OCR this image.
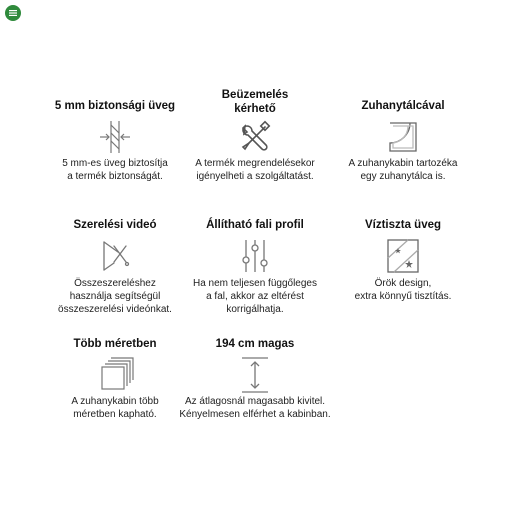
5 mm biztonsági üveg
5 mm-es üveg biztosítja
a termék biztonságát.
Beüzemelés
kérhető
A termék megrendelésekor
igényelheti a szolgáltatást.
Zuhanytálcával
A zuhanykabin tartozéka
egy zuhanytálca is.
Szerelési videó
Összeszereléshez
használja segítségül
összeszerelési videónkat.
Állítható fali profil
Ha nem teljesen függőleges
a fal, akkor az eltérést
korrigálhatja.
Víztiszta üveg
Örök design,
extra könnyű tisztítás.
Több méretben
A zuhanykabin több
méretben kapható.
194 cm magas
Az átlagosnál magasabb kivitel.
Kényelmesen elférhet a kabinban.
